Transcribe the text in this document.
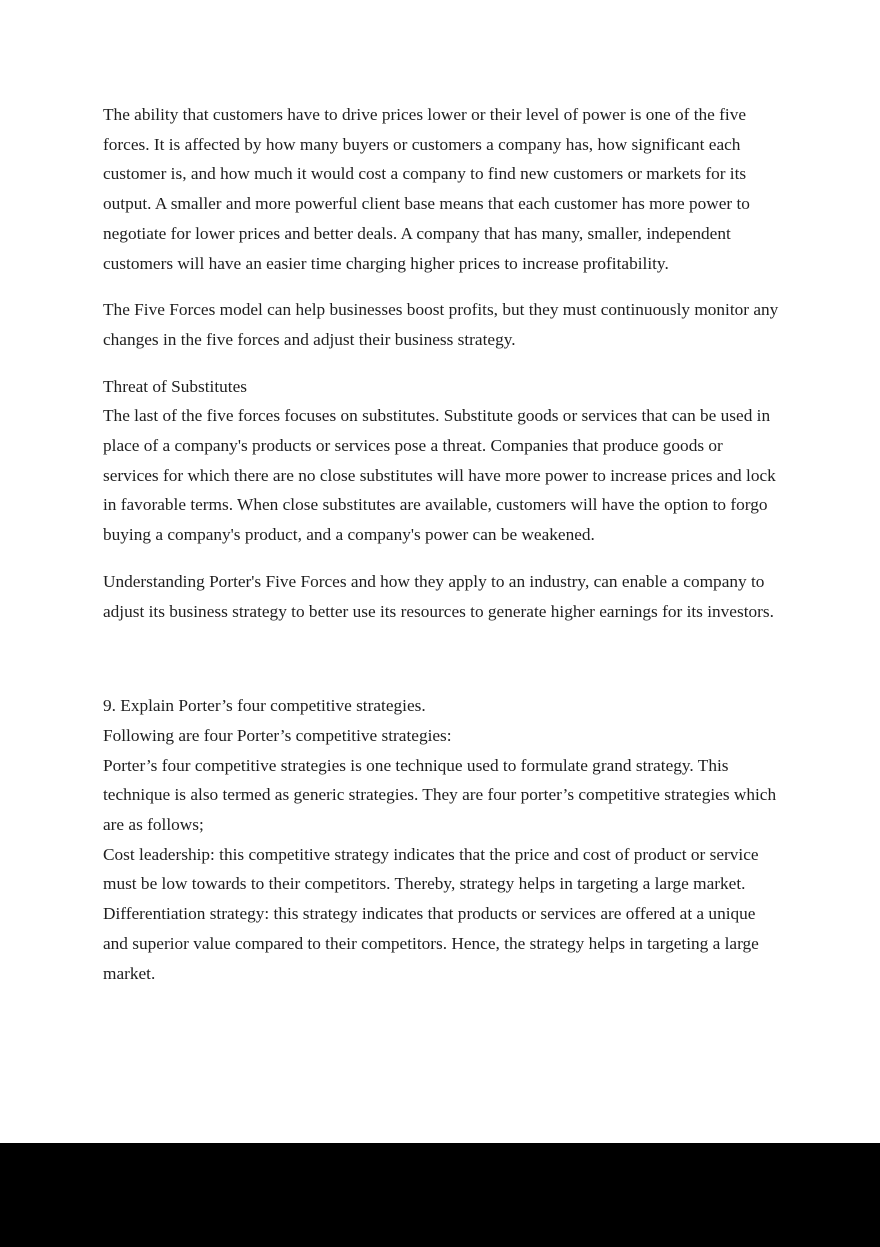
The ability that customers have to drive prices lower or their level of power is one of the five forces. It is affected by how many buyers or customers a company has, how significant each customer is, and how much it would cost a company to find new customers or markets for its output. A smaller and more powerful client base means that each customer has more power to negotiate for lower prices and better deals. A company that has many, smaller, independent customers will have an easier time charging higher prices to increase profitability.

The Five Forces model can help businesses boost profits, but they must continuously monitor any changes in the five forces and adjust their business strategy.

Threat of Substitutes

The last of the five forces focuses on substitutes. Substitute goods or services that can be used in place of a company's products or services pose a threat. Companies that produce goods or services for which there are no close substitutes will have more power to increase prices and lock in favorable terms. When close substitutes are available, customers will have the option to forgo buying a company's product, and a company's power can be weakened.

Understanding Porter's Five Forces and how they apply to an industry, can enable a company to adjust its business strategy to better use its resources to generate higher earnings for its investors.

9. Explain Porter’s four competitive strategies.

Following are four Porter’s competitive strategies:

Porter’s four competitive strategies is one technique used to formulate grand strategy. This technique is also termed as generic strategies. They are four porter’s competitive strategies which are as follows;

Cost leadership: this competitive strategy indicates that the price and cost of product or service must be low towards to their competitors. Thereby, strategy helps in targeting a large market.

Differentiation strategy: this strategy indicates that products or services are offered at a unique and superior value compared to their competitors. Hence, the strategy helps in targeting a large market.
